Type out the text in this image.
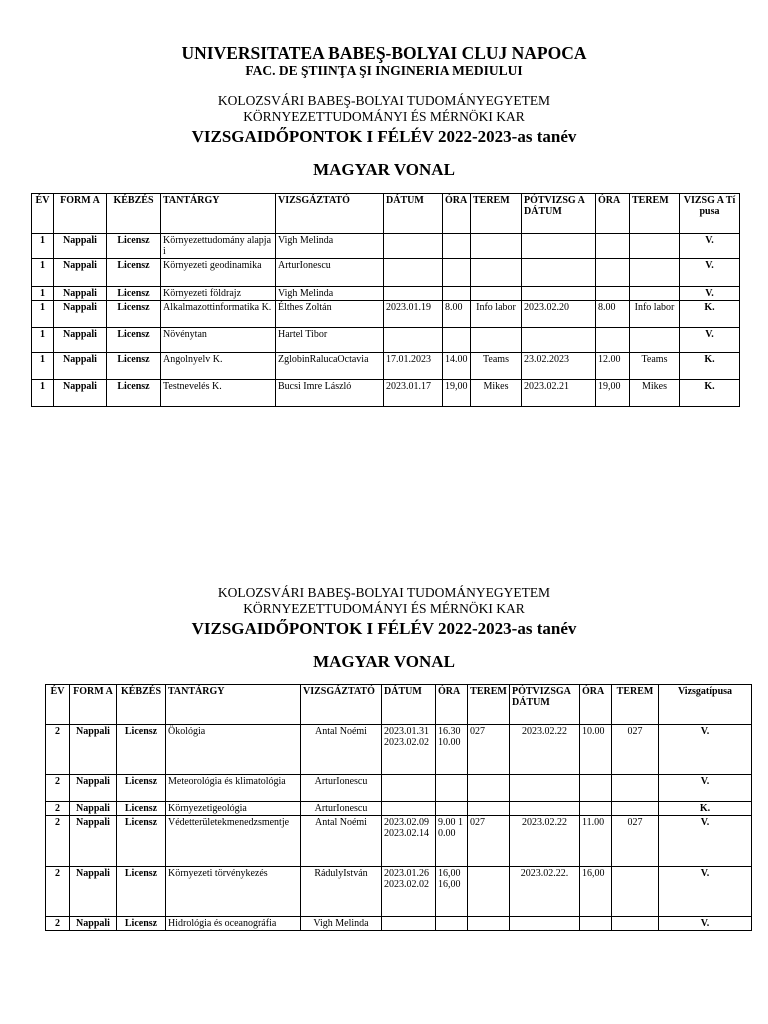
UNIVERSITATEA BABEŞ-BOLYAI CLUJ NAPOCA
FAC. DE ŞTIINŢA ŞI INGINERIA MEDIULUI
KOLOZSVÁRI BABEŞ-BOLYAI TUDOMÁNYEGYETEM
KÖRNYEZETTUDOMÁNYI ÉS MÉRNÖKI KAR
VIZSGAIDŐPONTOK I FÉLÉV 2022-2023-as tanév
MAGYAR VONAL
ÉV	FORM A	KÉBZÉS	TANTÁRGY	VIZSGÁZTATÓ	DÁTUM	ÓRA	TEREM	PÓTVIZSG A DÁTUM	ÓRA	TEREM	VIZSG A Típusa
1	Nappali	Licensz	Környezettudomány alapjai	Vigh Melinda							V.
1	Nappali	Licensz	Környezeti geodinamika	ArturIonescu							V.
1	Nappali	Licensz	Környezeti földrajz	Vigh Melinda							V.
1	Nappali	Licensz	Alkalmazottinformatika K.	Élthes Zoltán	2023.01.19	8.00	Info labor	2023.02.20	8.00	Info labor	K.
1	Nappali	Licensz	Növénytan	Hartel Tibor							V.
1	Nappali	Licensz	Angolnyelv K.	ZglobinRalucaOctavia	17.01.2023	14.00	Teams	23.02.2023	12.00	Teams	K.
1	Nappali	Licensz	Testnevelés K.	Bucsi Imre László	2023.01.17	19,00	Mikes	2023.02.21	19,00	Mikes	K.
KOLOZSVÁRI BABEŞ-BOLYAI TUDOMÁNYEGYETEM
KÖRNYEZETTUDOMÁNYI ÉS MÉRNÖKI KAR
VIZSGAIDŐPONTOK I FÉLÉV 2022-2023-as tanév
MAGYAR VONAL
ÉV	FORM A	KÉBZÉS	TANTÁRGY	VIZSGÁZTATÓ	DÁTUM	ÓRA	TEREM	PÓTVIZSGA DÁTUM	ÓRA	TEREM	Vizsgatípusa
2	Nappali	Licensz	Ökológia	Antal Noémi	2023.01.31 2023.02.02	16.30 10.00	027	2023.02.22	10.00	027	V.
2	Nappali	Licensz	Meteorológia és klimatológia	ArturIonescu							V.
2	Nappali	Licensz	Környezetigeológia	ArturIonescu							K.
2	Nappali	Licensz	Védetterületekmenedzsmentje	Antal Noémi	2023.02.09 2023.02.14	9.00 10.00	027	2023.02.22	11.00	027	V.
2	Nappali	Licensz	Környezeti törvénykezés	RádulyIstván	2023.01.26 2023.02.02	16,00 16,00		2023.02.22.	16,00		V.
2	Nappali	Licensz	Hidrológia és oceanográfia	Vigh Melinda							V.
